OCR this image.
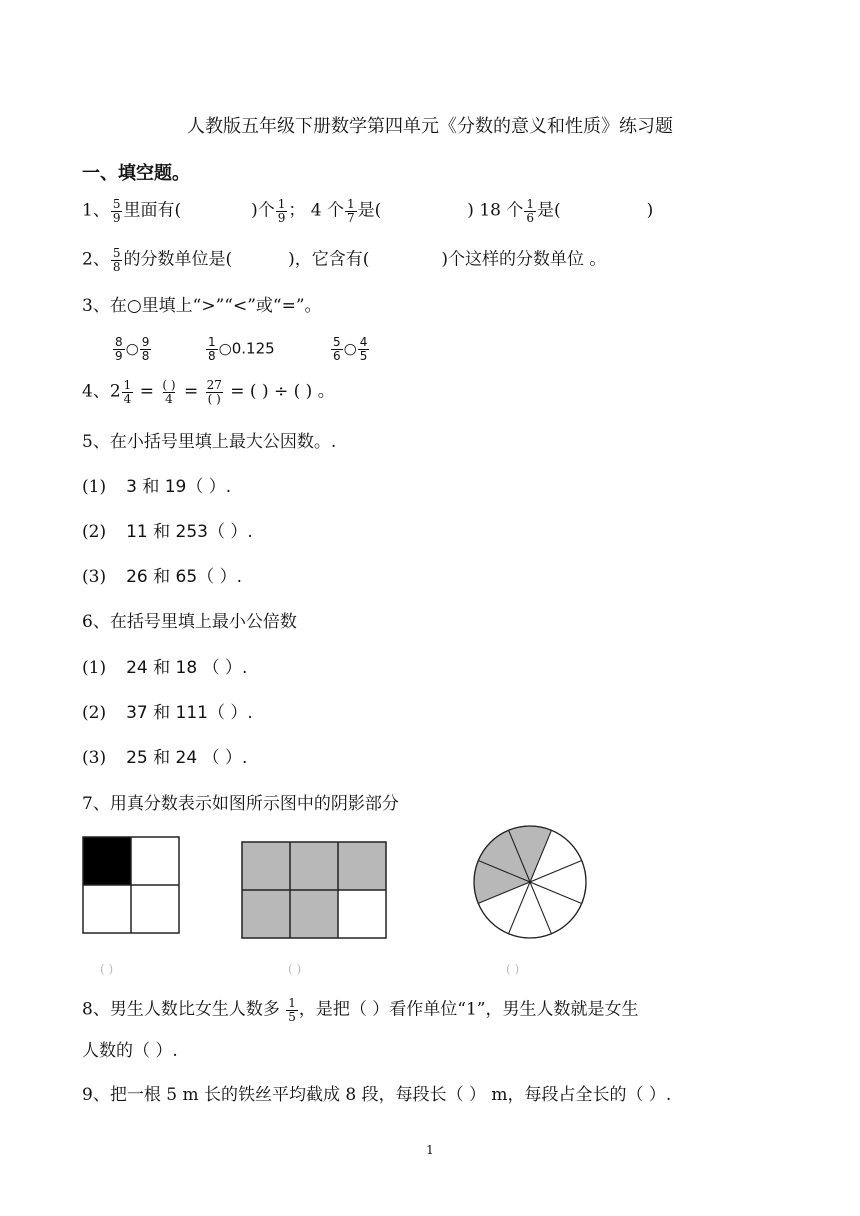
人教版五年级下册数学第四单元《分数的意义和性质》练习题
一、填空题。
1、 $\frac{5}{9}$ 里面有(	)个 $\frac{1}{9}$ ； 4 个 $\frac{1}{7}$ 是(	) 18 个 $\frac{1}{6}$ 是(	)
2、 $\frac{5}{8}$ 的分数单位是(	)，它含有(	)个这样的分数单位 。
3、在○里填上“>”“<”或“=”。
$\frac{8}{9}$ ○ $\frac{9}{8}$	$\frac{1}{8}$ ○0.125	$\frac{5}{6}$ ○ $\frac{4}{5}$
4、$2 \frac{1}{4} = \frac{( )}{4} = \frac{27}{( )}$ = ( ) ÷ ( ) 。
5、在小括号里填上最大公因数。.
(1) 3 和 19（ ）.
(2) 11 和 253（ ）.
(3) 26 和 65（ ）.
6、在括号里填上最小公倍数
(1) 24 和 18 （ ）.
(2) 37 和 111（ ）.
(3) 25 和 24 （ ）.
7、用真分数表示如图所示图中的阴影部分
( )	( )	( )
8、男生人数比女生人数多 $\frac{1}{5}$ ，是把（ ）看作单位“1”，男生人数就是女生
人数的（ ）.
9、把一根 5 m 长的铁丝平均截成 8 段，每段长（ ） m，每段占全长的（ ）.
1
